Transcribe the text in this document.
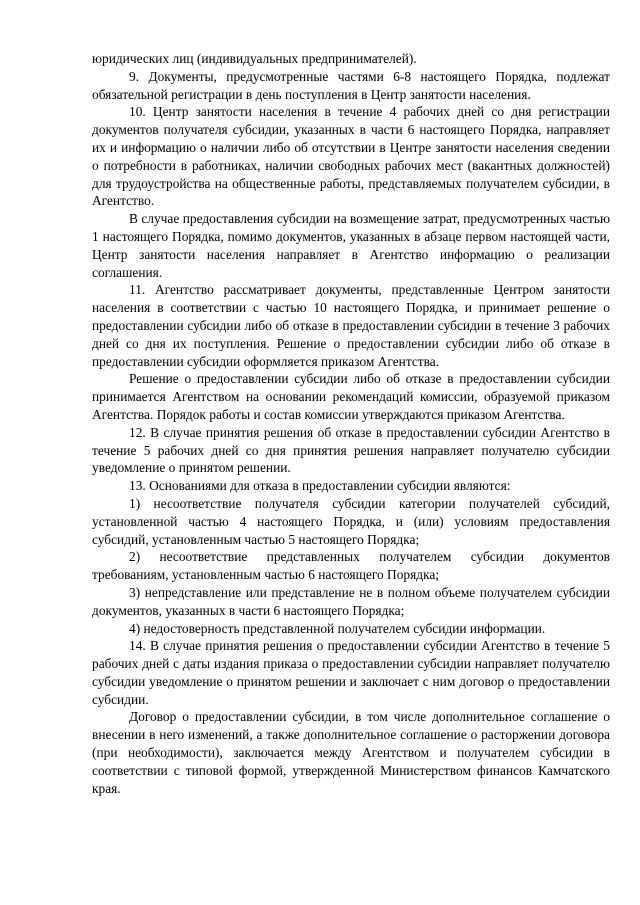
юридических лиц (индивидуальных предпринимателей).

9. Документы, предусмотренные частями 6-8 настоящего Порядка, подлежат обязательной регистрации в день поступления в Центр занятости населения.

10. Центр занятости населения в течение 4 рабочих дней со дня регистрации документов получателя субсидии, указанных в части 6 настоящего Порядка, направляет их и информацию о наличии либо об отсутствии в Центре занятости населения сведении о потребности в работниках, наличии свободных рабочих мест (вакантных должностей) для трудоустройства на общественные работы, представляемых получателем субсидии, в Агентство.

В случае предоставления субсидии на возмещение затрат, предусмотренных частью 1 настоящего Порядка, помимо документов, указанных в абзаце первом настоящей части, Центр занятости населения направляет в Агентство информацию о реализации соглашения.

11. Агентство рассматривает документы, представленные Центром занятости населения в соответствии с частью 10 настоящего Порядка, и принимает решение о предоставлении субсидии либо об отказе в предоставлении субсидии в течение 3 рабочих дней со дня их поступления. Решение о предоставлении субсидии либо об отказе в предоставлении субсидии оформляется приказом Агентства.

Решение о предоставлении субсидии либо об отказе в предоставлении субсидии принимается Агентством на основании рекомендаций комиссии, образуемой приказом Агентства. Порядок работы и состав комиссии утверждаются приказом Агентства.

12. В случае принятия решения об отказе в предоставлении субсидии Агентство в течение 5 рабочих дней со дня принятия решения направляет получателю субсидии уведомление о принятом решении.

13. Основаниями для отказа в предоставлении субсидии являются:

1) несоответствие получателя субсидии категории получателей субсидий, установленной частью 4 настоящего Порядка, и (или) условиям предоставления субсидий, установленным частью 5 настоящего Порядка;

2) несоответствие представленных получателем субсидии документов требованиям, установленным частью 6 настоящего Порядка;

3) непредставление или представление не в полном объеме получателем субсидии документов, указанных в части 6 настоящего Порядка;

4) недостоверность представленной получателем субсидии информации.

14. В случае принятия решения о предоставлении субсидии Агентство в течение 5 рабочих дней с даты издания приказа о предоставлении субсидии направляет получателю субсидии уведомление о принятом решении и заключает с ним договор о предоставлении субсидии.

Договор о предоставлении субсидии, в том числе дополнительное соглашение о внесении в него изменений, а также дополнительное соглашение о расторжении договора (при необходимости), заключается между Агентством и получателем субсидии в соответствии с типовой формой, утвержденной Министерством финансов Камчатского края.
